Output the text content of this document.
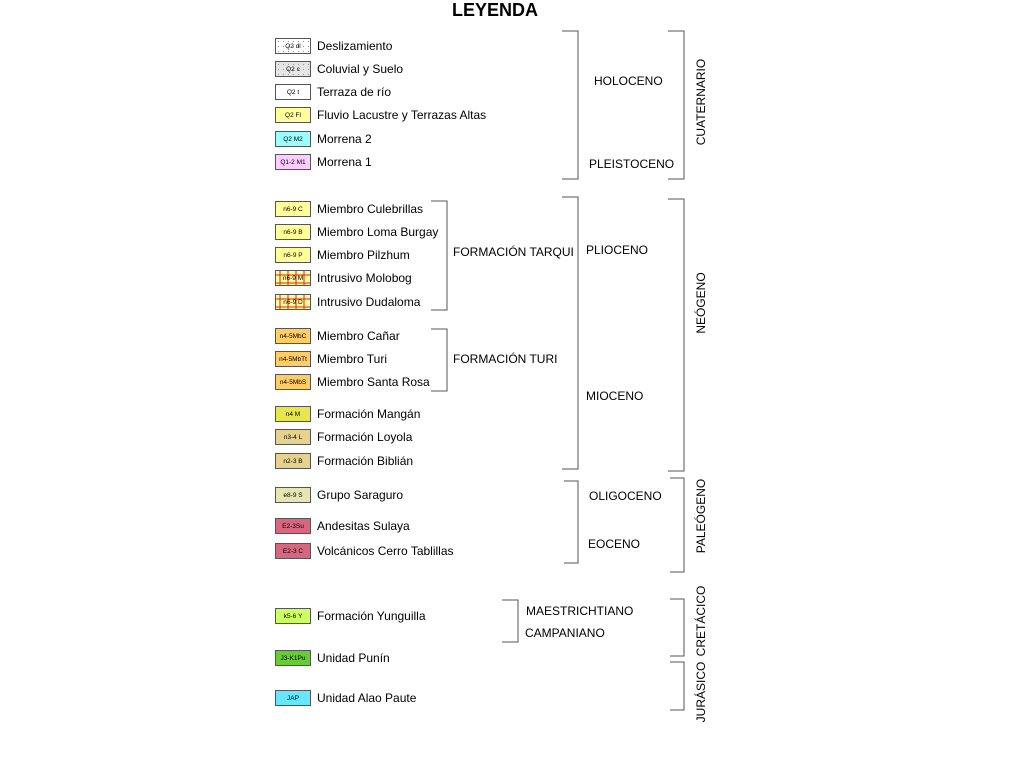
LEYENDA
Q2 dl	Deslizamiento
Q2 c	Coluvial y Suelo
Q2 t	Terraza de río
Q2 Fl	Fluvio Lacustre y Terrazas Altas
Q2 M2	Morrena 2
Q1-2 M1 Morrena 1
n6-9 C	Miembro Culebrillas
n6-9 B	Miembro Loma Burgay
n6-9 P	Miembro Pilzhum
n6-9 M	Intrusivo Molobog
n6-9 D	Intrusivo Dudaloma
n4-5MbC Miembro Cañar
n4-5MbTt Miembro Turi
n4-5MbS Miembro Santa Rosa
n4 M	Formación Mangán
n3-4 L	Formación Loyola
n2-3 B	Formación Biblián
e8-9 S	Grupo Saraguro
E2-3Su	Andesitas Sulaya
E2-3 C	Volcánicos Cerro Tablillas
k5-6 Y	Formación Yunguilla
J3-K1Pu Unidad Punín
JAP	Unidad Alao Paute
FORMACIÓN TARQUI
FORMACIÓN TURI
HOLOCENO
PLEISTOCENO
PLIOCENO
MIOCENO
OLIGOCENO
EOCENO
MAESTRICHTIANO
CAMPANIANO
CUATERNARIO
NEÓGENO
PALEÓGENO
CRETÁCICO
JURÁSICO
